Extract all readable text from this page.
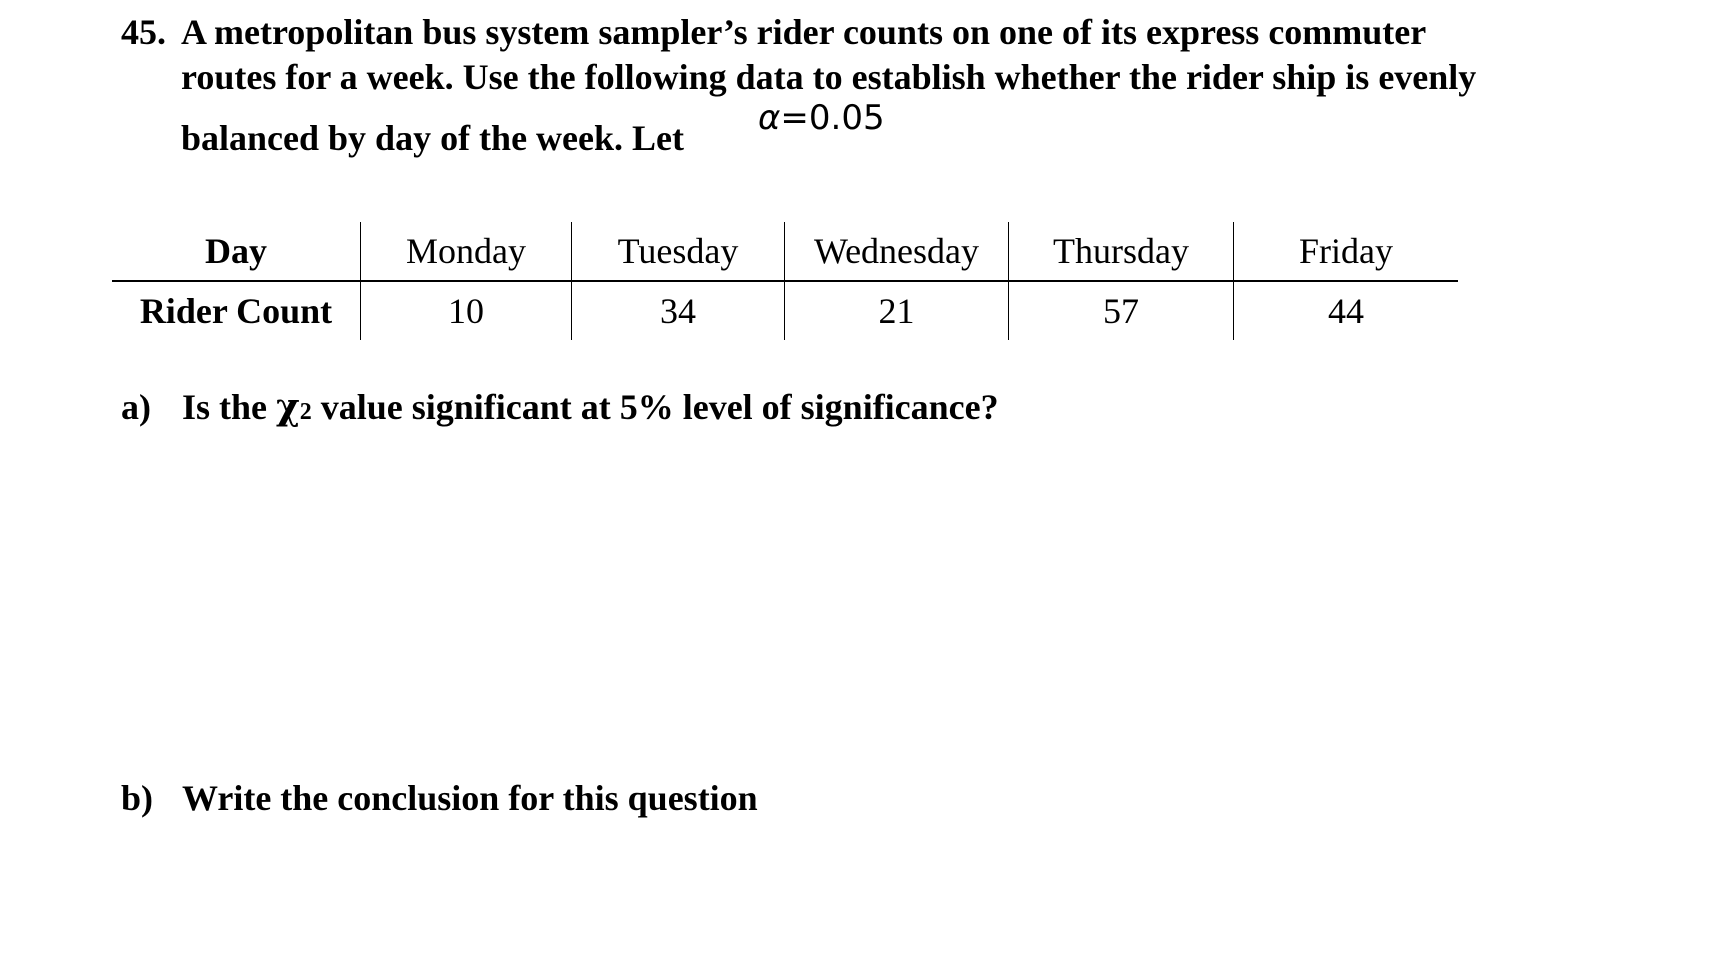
45. A metropolitan bus system sampler’s rider counts on one of its express commuter
routes for a week. Use the following data to establish whether the rider ship is evenly
balanced by day of the week. Let α=0.05
Day	Monday	Tuesday	Wednesday	Thursday	Friday
Rider Count	10	34	21	57	44
a) Is the χ2 value significant at 5% level of significance?
b) Write the conclusion for this question
